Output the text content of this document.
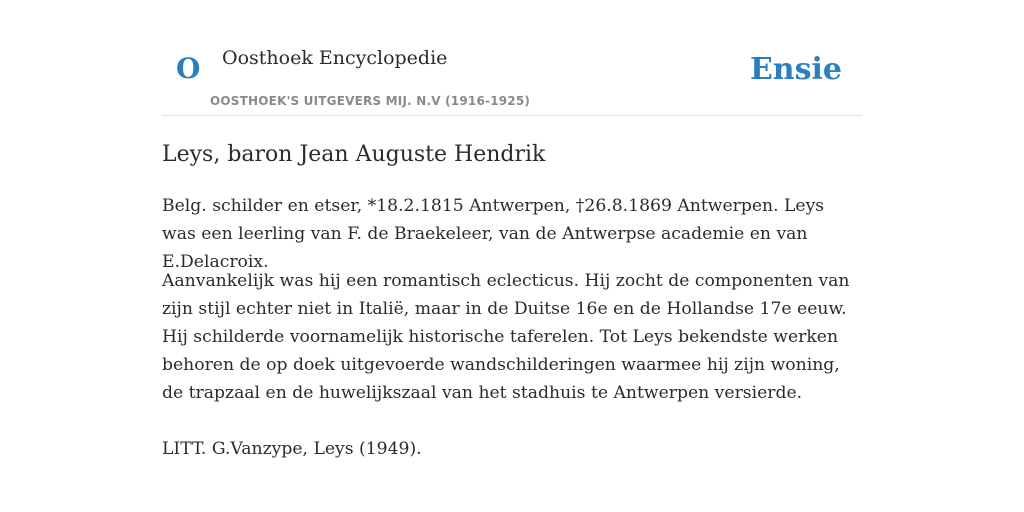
O Oosthoek Encyclopedie
OOSTHOEK'S UITGEVERS MIJ. N.V (1916-1925)
Ensie
Leys, baron Jean Auguste Hendrik

Belg. schilder en etser, *18.2.1815 Antwerpen, †26.8.1869 Antwerpen. Leys was een leerling van F. de Braekeleer, van de Antwerpse academie en van E.Delacroix.

Aanvankelijk was hij een romantisch eclecticus. Hij zocht de componenten van zijn stijl echter niet in Italië, maar in de Duitse 16e en de Hollandse 17e eeuw. Hij schilderde voornamelijk historische taferelen. Tot Leys bekendste werken behoren de op doek uitgevoerde wandschilderingen waarmee hij zijn woning, de trapzaal en de huwelijkszaal van het stadhuis te Antwerpen versierde.

LITT. G.Vanzype, Leys (1949).
